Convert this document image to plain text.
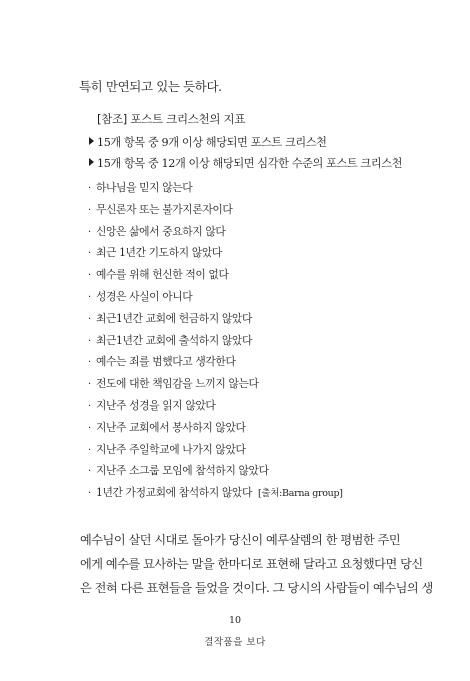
특히 만연되고 있는 듯하다.
[참조] 포스트 크리스천의 지표
15개 항목 중 9개 이상 해당되면 포스트 크리스천
15개 항목 중 12개 이상 해당되면 심각한 수준의 포스트 크리스천
· 하나님을 믿지 않는다
· 무신론자 또는 불가지론자이다
· 신앙은 삶에서 중요하지 않다
· 최근 1년간 기도하지 않았다
· 예수를 위해 헌신한 적이 없다
· 성경은 사실이 아니다
· 최근1년간 교회에 헌금하지 않았다
· 최근1년간 교회에 출석하지 않았다
· 예수는 죄를 범했다고 생각한다
· 전도에 대한 책임감을 느끼지 않는다
· 지난주 성경을 읽지 않았다
· 지난주 교회에서 봉사하지 않았다
· 지난주 주일학교에 나가지 않았다
· 지난주 소그룹 모임에 참석하지 않았다
· 1년간 가정교회에 참석하지 않았다 [출처:Barna group]

예수님이 살던 시대로 돌아가 당신이 예루살렘의 한 평범한 주민
에게 예수를 묘사하는 말을 한마디로 표현해 달라고 요청했다면 당신
은 전혀 다른 표현들을 들었을 것이다. 그 당시의 사람들이 예수님의 생

10
결작품을 보다
